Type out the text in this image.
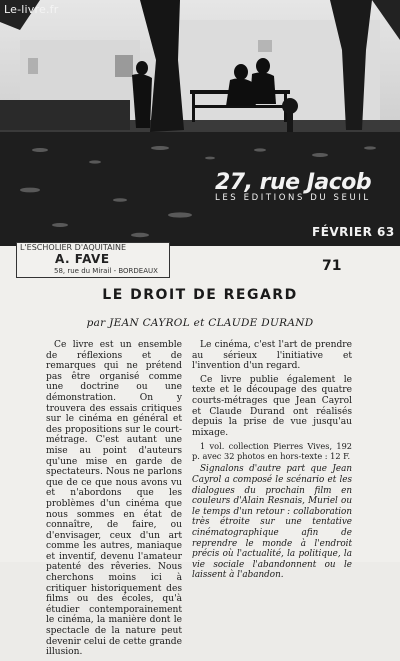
Le-livre.fr
27, rue Jacob
LES EDITIONS DU SEUIL
FÉVRIER 63
L'ESCHOLIER D'AQUITAINE
A. FAVE
58, rue du Mirail - BORDEAUX	71
LE DROIT DE REGARD
par JEAN CAYROL et CLAUDE DURAND

Ce livre est un ensemble de réflexions et de remarques qui ne prétend pas être organisé comme une doctrine ou une démonstration. On y trouvera des essais critiques sur le cinéma en général et des propositions sur le court-métrage. C'est autant une mise au point d'auteurs qu'une mise en garde de spectateurs. Nous ne parlons que de ce que nous avons vu et n'abordons que les problèmes d'un cinéma que nous sommes en état de connaître, de faire, ou d'envisager, ceux d'un art comme les autres, maniaque et inventif, devenu l'amateur patenté des rêveries. Nous cherchons moins ici à critiquer historiquement des films ou des écoles, qu'à étudier contemporainement le cinéma, la manière dont le spectacle de la nature peut devenir celui de cette grande illusion.

Le cinéma, c'est l'art de prendre au sérieux l'initiative et l'invention d'un regard.

Ce livre publie également le texte et le découpage des quatre courts-métrages que Jean Cayrol et Claude Durand ont réalisés depuis la prise de vue jusqu'au mixage.

1 vol. collection Pierres Vives, 192 p. avec 32 photos en hors-texte : 12 F.

Signalons d'autre part que Jean Cayrol a composé le scénario et les dialogues du prochain film en couleurs d'Alain Resnais, Muriel ou le temps d'un retour : collaboration très étroite sur une tentative cinématographique afin de reprendre le monde à l'endroit précis où l'actualité, la politique, la vie sociale l'abandonnent ou le laissent à l'abandon.
